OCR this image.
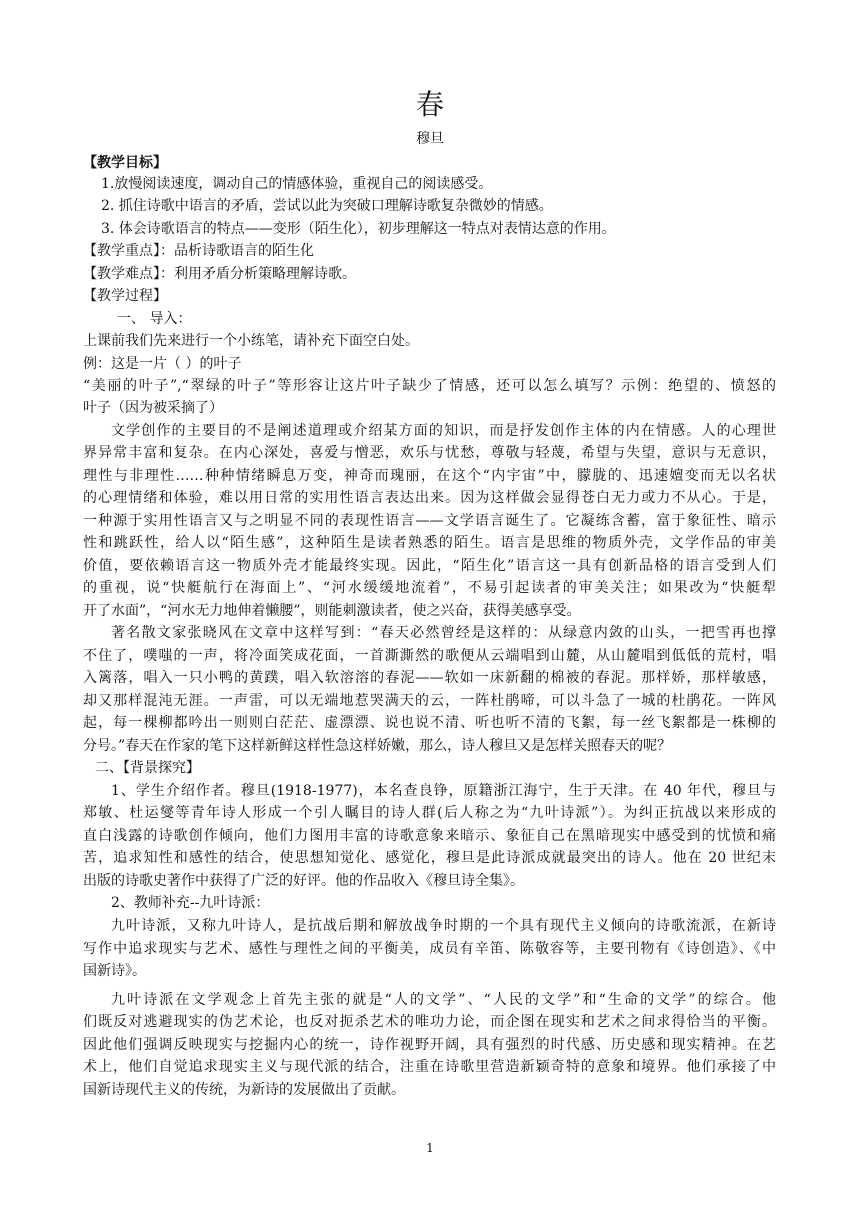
春
穆旦
【教学目标】
1.放慢阅读速度，调动自己的情感体验，重视自己的阅读感受。
2. 抓住诗歌中语言的矛盾，尝试以此为突破口理解诗歌复杂微妙的情感。
3. 体会诗歌语言的特点——变形（陌生化），初步理解这一特点对表情达意的作用。
【教学重点】：品析诗歌语言的陌生化
【教学难点】：利用矛盾分析策略理解诗歌。
【教学过程】
一、 导入：
上课前我们先来进行一个小练笔，请补充下面空白处。
例：这是一片（ ）的叶子
“美丽的叶子”,“翠绿的叶子”等形容让这片叶子缺少了情感，还可以怎么填写？示例：绝望的、愤怒的
叶子（因为被采摘了）
文学创作的主要目的不是阐述道理或介绍某方面的知识，而是抒发创作主体的内在情感。人的心理世
界异常丰富和复杂。在内心深处，喜爱与憎恶，欢乐与忧愁，尊敬与轻蔑，希望与失望，意识与无意识，
理性与非理性……种种情绪瞬息万变，神奇而瑰丽，在这个“内宇宙”中，朦胧的、迅速嬗变而无以名状
的心理情绪和体验，难以用日常的实用性语言表达出来。因为这样做会显得苍白无力或力不从心。于是，
一种源于实用性语言又与之明显不同的表现性语言——文学语言诞生了。它凝练含蓄，富于象征性、暗示
性和跳跃性，给人以“陌生感”，这种陌生是读者熟悉的陌生。语言是思维的物质外壳，文学作品的审美
价值，要依赖语言这一物质外壳才能最终实现。因此，“陌生化”语言这一具有创新品格的语言受到人们
的重视，说“快艇航行在海面上”、“河水缓缓地流着”，不易引起读者的审美关注；如果改为“快艇犁
开了水面”，“河水无力地伸着懒腰”，则能刺激读者，使之兴奋，获得美感享受。
著名散文家张晓风在文章中这样写到：“春天必然曾经是这样的：从绿意内敛的山头，一把雪再也撑
不住了，噗嗤的一声，将冷面笑成花面，一首澌澌然的歌便从云端唱到山麓，从山麓唱到低低的荒村，唱
入篱落，唱入一只小鸭的黄蹼，唱入软溶溶的春泥——软如一床新翻的棉被的春泥。那样娇，那样敏感，
却又那样混沌无涯。一声雷，可以无端地惹哭满天的云，一阵杜鹃啼，可以斗急了一城的杜鹃花。一阵风
起，每一棵柳都吟出一则则白茫茫、虚漂漂、说也说不清、听也听不清的飞絮，每一丝飞絮都是一株柳的
分号。”春天在作家的笔下这样新鲜这样性急这样娇嫩，那么，诗人穆旦又是怎样关照春天的呢？
二、【背景探究】
1、学生介绍作者。穆旦(1918-1977)，本名查良铮，原籍浙江海宁，生于天津。在 40 年代，穆旦与
郑敏、杜运燮等青年诗人形成一个引人瞩目的诗人群(后人称之为“九叶诗派”）。为纠正抗战以来形成的
直白浅露的诗歌创作倾向，他们力图用丰富的诗歌意象来暗示、象征自己在黑暗现实中感受到的忧愤和痛
苦，追求知性和感性的结合，使思想知觉化、感觉化，穆旦是此诗派成就最突出的诗人。他在 20 世纪末
出版的诗歌史著作中获得了广泛的好评。他的作品收入《穆旦诗全集》。
2、教师补充--九叶诗派：
九叶诗派，又称九叶诗人，是抗战后期和解放战争时期的一个具有现代主义倾向的诗歌流派，在新诗
写作中追求现实与艺术、感性与理性之间的平衡美，成员有辛笛、陈敬容等，主要刊物有《诗创造》、《中
国新诗》。
九叶诗派在文学观念上首先主张的就是“人的文学”、“人民的文学”和“生命的文学”的综合。他
们既反对逃避现实的伪艺术论，也反对扼杀艺术的唯功力论，而企图在现实和艺术之间求得恰当的平衡。
因此他们强调反映现实与挖掘内心的统一，诗作视野开阔，具有强烈的时代感、历史感和现实精神。在艺
术上，他们自觉追求现实主义与现代派的结合，注重在诗歌里营造新颖奇特的意象和境界。他们承接了中
国新诗现代主义的传统，为新诗的发展做出了贡献。
1
